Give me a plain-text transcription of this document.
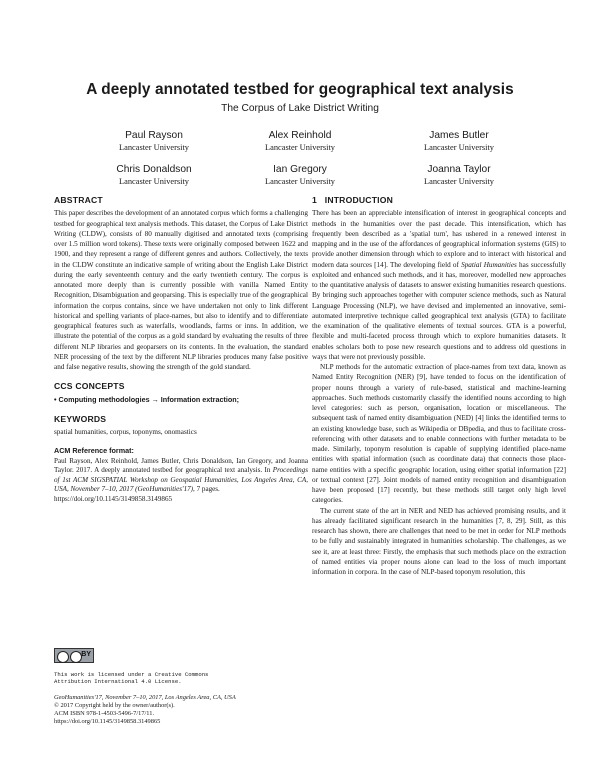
A deeply annotated testbed for geographical text analysis
The Corpus of Lake District Writing
Paul Rayson
Lancaster University
Alex Reinhold
Lancaster University
James Butler
Lancaster University
Chris Donaldson
Lancaster University
Ian Gregory
Lancaster University
Joanna Taylor
Lancaster University
ABSTRACT

This paper describes the development of an annotated corpus which forms a challenging testbed for geographical text analysis methods. This dataset, the Corpus of Lake District Writing (CLDW), consists of 80 manually digitised and annotated texts (comprising over 1.5 million word tokens). These texts were originally composed between 1622 and 1900, and they represent a range of different genres and authors. Collectively, the texts in the CLDW constitute an indicative sample of writing about the English Lake District during the early seventeenth century and the early twentieth century. The corpus is annotated more deeply than is currently possible with vanilla Named Entity Recognition, Disambiguation and geoparsing. This is especially true of the geographical information the corpus contains, since we have undertaken not only to link different historical and spelling variants of place-names, but also to identify and to differentiate geographical features such as waterfalls, woodlands, farms or inns. In addition, we illustrate the potential of the corpus as a gold standard by evaluating the results of three different NLP libraries and geoparsers on its contents. In the evaluation, the standard NER processing of the text by the different NLP libraries produces many false positive and false negative results, showing the strength of the gold standard.

CCS CONCEPTS
• Computing methodologies → Information extraction;
KEYWORDS

spatial humanities, corpus, toponyms, onomastics

ACM Reference format:

Paul Rayson, Alex Reinhold, James Butler, Chris Donaldson, Ian Gregory, and Joanna Taylor. 2017. A deeply annotated testbed for geographical text analysis. In Proceedings of 1st ACM SIGSPATIAL Workshop on Geospatial Humanities, Los Angeles Area, CA, USA, November 7–10, 2017 (GeoHumanities'17), 7 pages.
https://doi.org/10.1145/3149858.3149865

BY
This work is licensed under a Creative Commons
Attribution International 4.0 License.
GeoHumanities'17, November 7–10, 2017, Los Angeles Area, CA, USA
© 2017 Copyright held by the owner/author(s).
ACM ISBN 978-1-4503-5496-7/17/11.
https://doi.org/10.1145/3149858.3149865
1   INTRODUCTION

There has been an appreciable intensification of interest in geographical concepts and methods in the humanities over the past decade. This intensification, which has frequently been described as a 'spatial turn', has ushered in a renewed interest in mapping and in the use of the affordances of geographical information systems (GIS) to provide another dimension through which to explore and to interact with historical and modern data sources [14]. The developing field of Spatial Humanities has successfully exploited and enhanced such methods, and it has, moreover, modelled new approaches to the quantitative analysis of datasets to answer existing humanities research questions. By bringing such approaches together with computer science methods, such as Natural Language Processing (NLP), we have devised and implemented an innovative, semi-automated interpretive technique called geographical text analysis (GTA) to facilitate the examination of the qualitative elements of textual sources. GTA is a powerful, flexible and multi-faceted process through which to explore humanities datasets. It enables scholars both to pose new research questions and to address old questions in ways that were not previously possible.

NLP methods for the automatic extraction of place-names from text data, known as Named Entity Recognition (NER) [9], have tended to focus on the identification of proper nouns through a variety of rule-based, statistical and machine-learning approaches. Such methods customarily classify the identified nouns according to high level categories: such as person, organisation, location or miscellaneous. The subsequent task of named entity disambiguation (NED) [4] links the identified terms to an existing knowledge base, such as Wikipedia or DBpedia, and thus to facilitate cross-referencing with other datasets and to enable connections with further metadata to be made. Similarly, toponym resolution is capable of supplying identified place-name entities with spatial information (such as coordinate data) that connects those place-name entities with a specific geographic location, using either spatial information [22] or textual context [27]. Joint models of named entity recognition and disambiguation have been proposed [17] recently, but these methods still target only high level categories.

The current state of the art in NER and NED has achieved promising results, and it has already facilitated significant research in the humanities [7, 8, 29]. Still, as this research has shown, there are challenges that need to be met in order for NLP methods to be fully and sustainably integrated in humanities scholarship. The challenges, as we see it, are at least three: Firstly, the emphasis that such methods place on the extraction of named entities via proper nouns alone can lead to the loss of much important information in corpora. In the case of NLP-based toponym resolution, this
